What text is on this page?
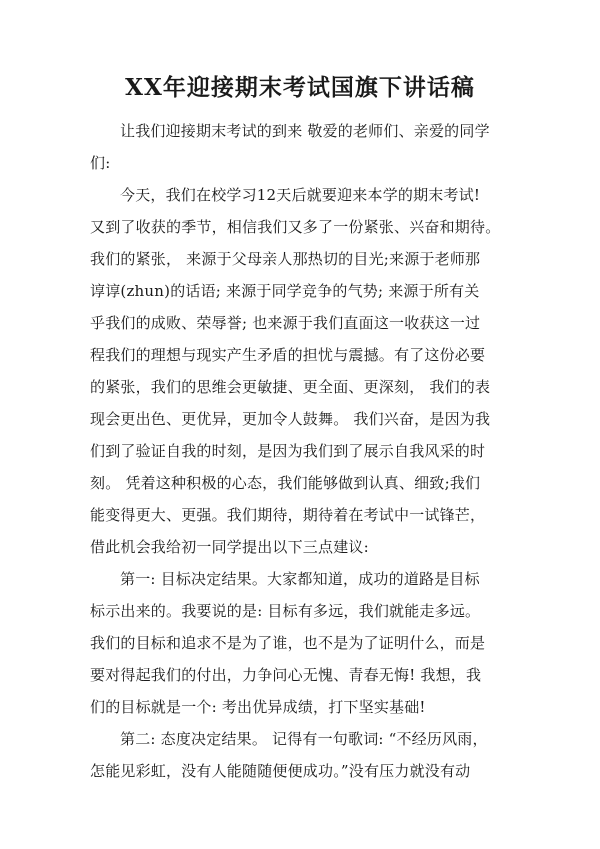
XX年迎接期末考试国旗下讲话稿

让我们迎接期末考试的到来 敬爱的老师们、亲爱的同学
们:

今天，我们在校学习12天后就要迎来本学的期末考试!
又到了收获的季节，相信我们又多了一份紧张、兴奋和期待。
我们的紧张， 来源于父母亲人那热切的目光;来源于老师那
谆谆(zhun)的话语; 来源于同学竞争的气势; 来源于所有关
乎我们的成败、荣辱誉; 也来源于我们直面这一收获这一过
程我们的理想与现实产生矛盾的担忧与震撼。有了这份必要
的紧张，我们的思维会更敏捷、更全面、更深刻， 我们的表
现会更出色、更优异，更加令人鼓舞。 我们兴奋，是因为我
们到了验证自我的时刻，是因为我们到了展示自我风采的时
刻。 凭着这种积极的心态，我们能够做到认真、细致;我们
能变得更大、更强。我们期待，期待着在考试中一试锋芒，
借此机会我给初一同学提出以下三点建议:

第一: 目标决定结果。大家都知道，成功的道路是目标
标示出来的。我要说的是: 目标有多远，我们就能走多远。
我们的目标和追求不是为了谁，也不是为了证明什么，而是
要对得起我们的付出，力争问心无愧、青春无悔! 我想，我
们的目标就是一个: 考出优异成绩，打下坚实基础!

第二: 态度决定结果。 记得有一句歌词: “不经历风雨，
怎能见彩虹，没有人能随随便便成功。”没有压力就没有动
